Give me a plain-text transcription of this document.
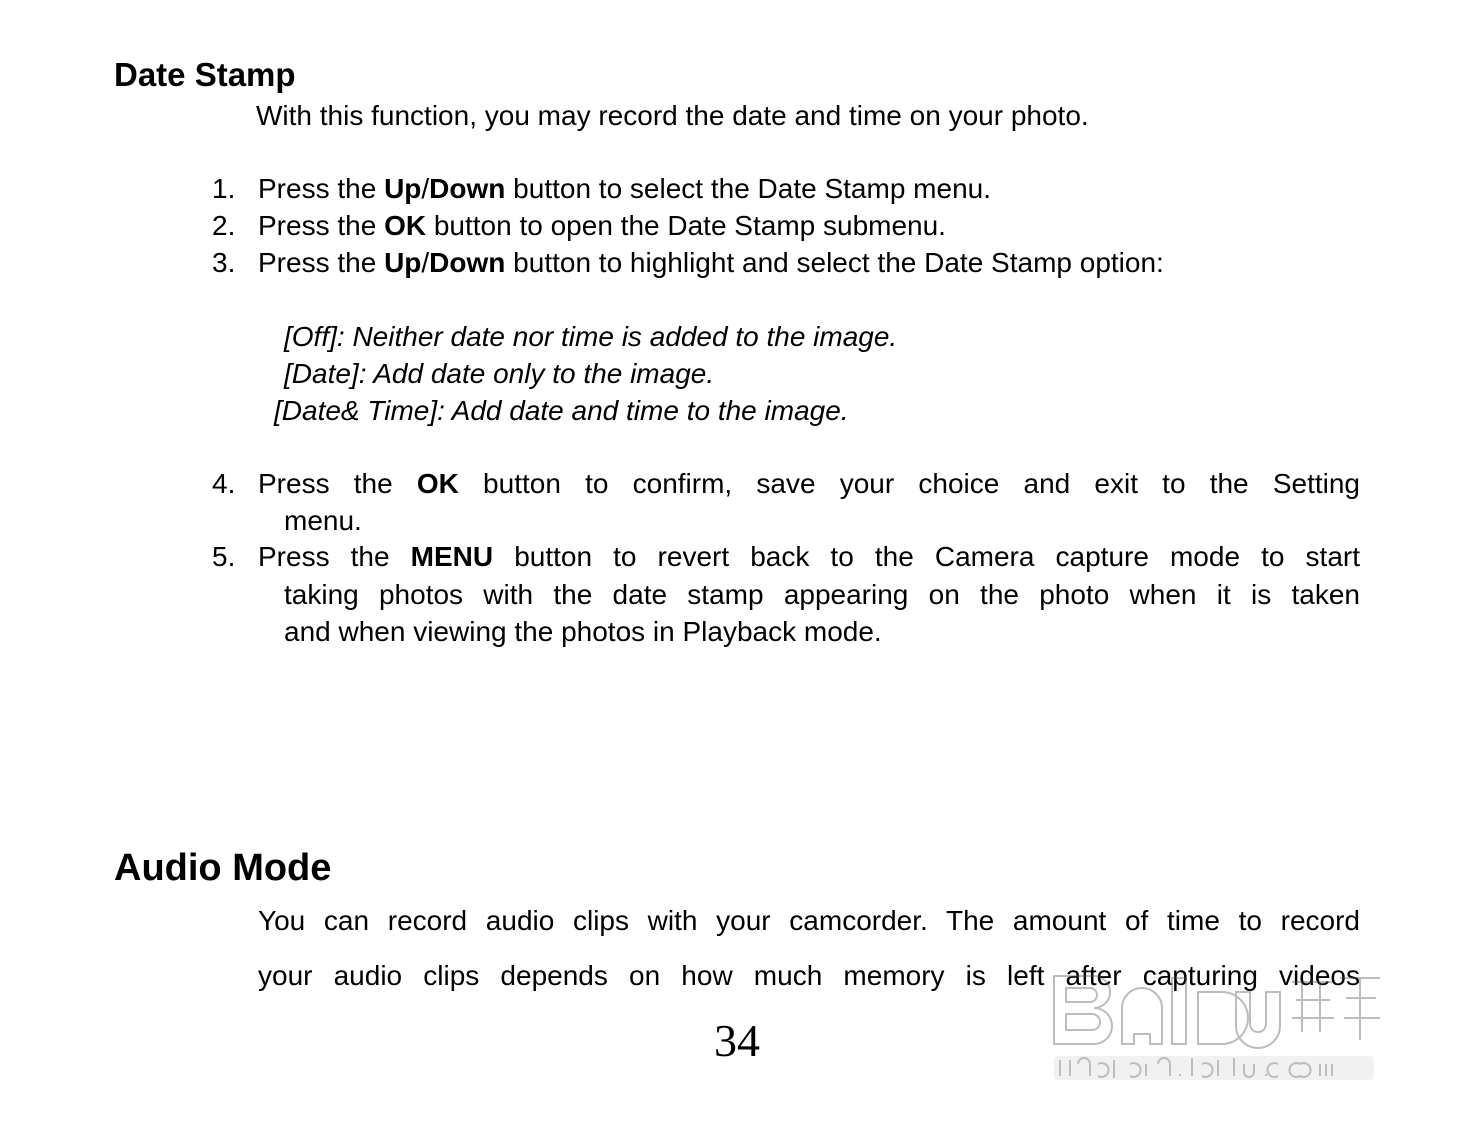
Date Stamp
With this function, you may record the date and time on your photo.
1. Press the Up/Down button to select the Date Stamp menu.
2. Press the OK button to open the Date Stamp submenu.
3. Press the Up/Down button to highlight and select the Date Stamp option:
[Off]: Neither date nor time is added to the image.
[Date]: Add date only to the image.
[Date& Time]: Add date and time to the image.
4. Press the OK button to confirm, save your choice and exit to the Setting
menu.
5. Press the MENU button to revert back to the Camera capture mode to start
taking photos with the date stamp appearing on the photo when it is taken
and when viewing the photos in Playback mode.
Audio Mode
You can record audio clips with your camcorder. The amount of time to record
your audio clips depends on how much memory is left after capturing videos
34
